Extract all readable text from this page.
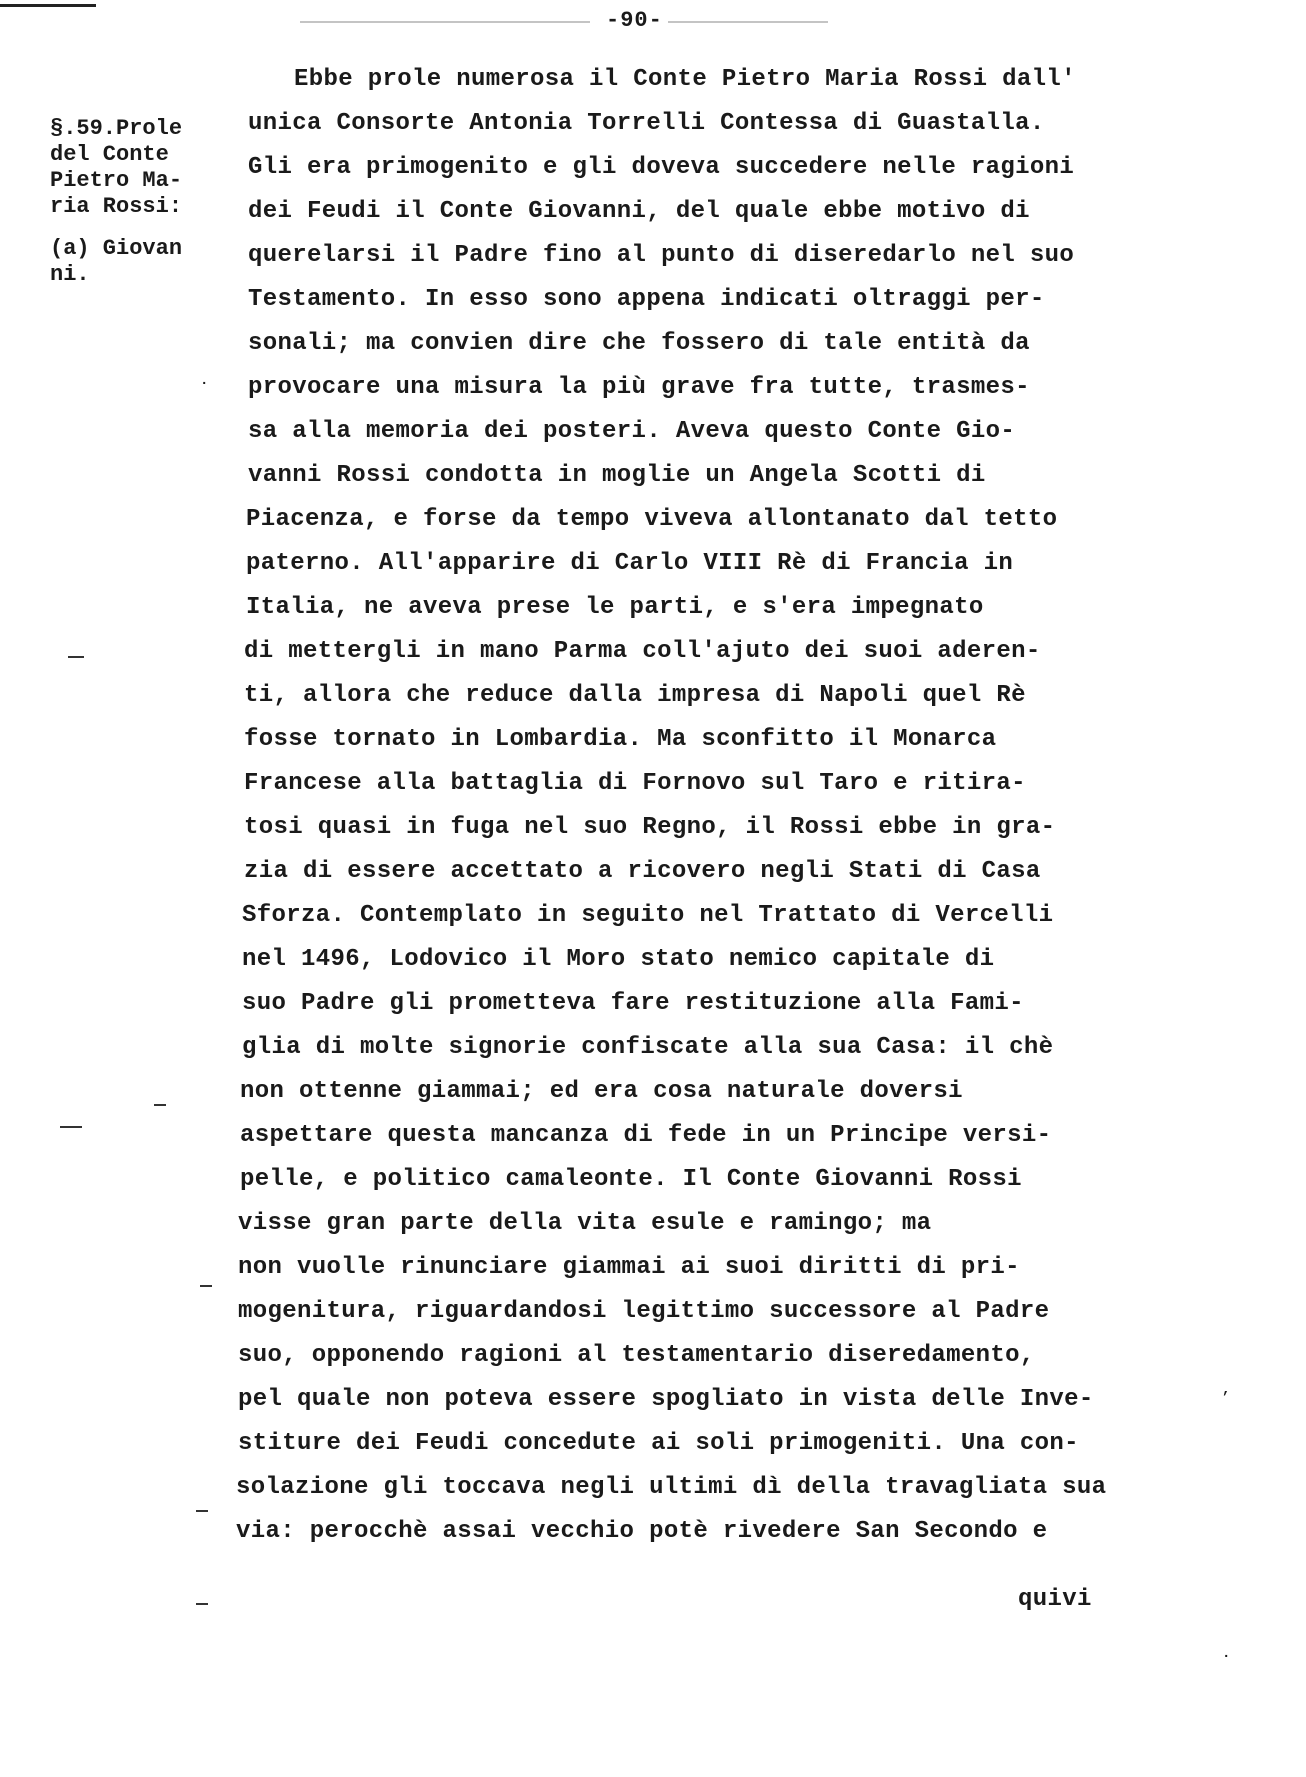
-90-
§.59.Prole
del Conte
Pietro Ma-
ria Rossi:
(a) Giovan
ni.
Ebbe prole numerosa il Conte Pietro Maria Rossi dall'
unica Consorte Antonia Torrelli Contessa di Guastalla.
Gli era primogenito e gli doveva succedere nelle ragioni
dei Feudi il Conte Giovanni, del quale ebbe motivo di
querelarsi il Padre fino al punto di diseredarlo nel suo
Testamento. In esso sono appena indicati oltraggi per-
sonali; ma convien dire che fossero di tale entità da
provocare una misura la più grave fra tutte, trasmes-
sa alla memoria dei posteri. Aveva questo Conte Gio-
vanni Rossi condotta in moglie un Angela Scotti di
Piacenza, e forse da tempo viveva allontanato dal tetto
paterno. All'apparire di Carlo VIII Rè di Francia in
Italia, ne aveva prese le parti, e s'era impegnato
di mettergli in mano Parma coll'ajuto dei suoi aderen-
ti, allora che reduce dalla impresa di Napoli quel Rè
fosse tornato in Lombardia. Ma sconfitto il Monarca
Francese alla battaglia di Fornovo sul Taro e ritira-
tosi quasi in fuga nel suo Regno, il Rossi ebbe in gra-
zia di essere accettato a ricovero negli Stati di Casa
Sforza. Contemplato in seguito nel Trattato di Vercelli
nel 1496, Lodovico il Moro stato nemico capitale di
suo Padre gli prometteva fare restituzione alla Fami-
glia di molte signorie confiscate alla sua Casa: il chè
non ottenne giammai; ed era cosa naturale doversi
aspettare questa mancanza di fede in un Principe versi-
pelle, e politico camaleonte. Il Conte Giovanni Rossi
visse gran parte della vita esule e ramingo; ma
non vuolle rinunciare giammai ai suoi diritti di pri-
mogenitura, riguardandosi legittimo successore al Padre
suo, opponendo ragioni al testamentario diseredamento,
pel quale non poteva essere spogliato in vista delle Inve-
stiture dei Feudi concedute ai soli primogeniti. Una con-
solazione gli toccava negli ultimi dì della travagliata sua
via: perocchè assai vecchio potè rivedere San Secondo e
quivi
·
,
.
